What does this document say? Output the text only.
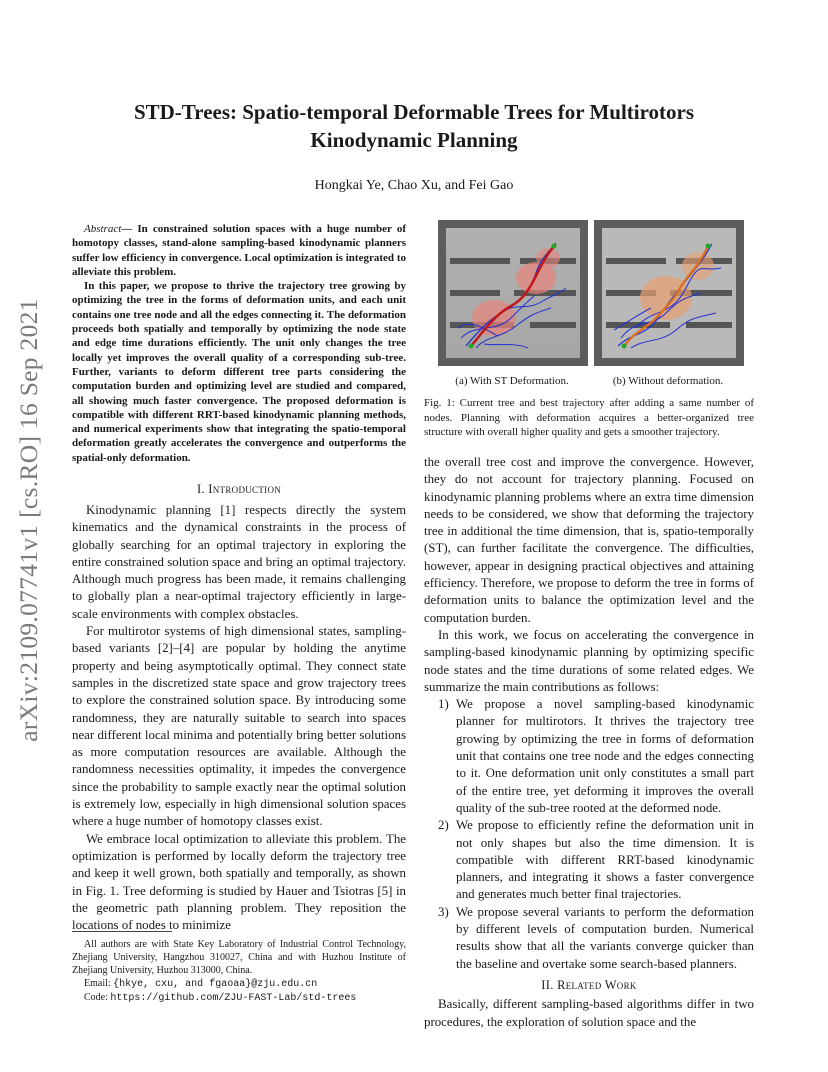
arXiv:2109.07741v1 [cs.RO] 16 Sep 2021
STD-Trees: Spatio-temporal Deformable Trees for Multirotors
Kinodynamic Planning
Hongkai Ye, Chao Xu, and Fei Gao

Abstract— In constrained solution spaces with a huge number of homotopy classes, stand-alone sampling-based kinodynamic planners suffer low efficiency in convergence. Local optimization is integrated to alleviate this problem.

In this paper, we propose to thrive the trajectory tree growing by optimizing the tree in the forms of deformation units, and each unit contains one tree node and all the edges connecting it. The deformation proceeds both spatially and temporally by optimizing the node state and edge time durations efficiently. The unit only changes the tree locally yet improves the overall quality of a corresponding sub-tree. Further, variants to deform different tree parts considering the computation burden and optimizing level are studied and compared, all showing much faster convergence. The proposed deformation is compatible with different RRT-based kinodynamic planning methods, and numerical experiments show that integrating the spatio-temporal deformation greatly accelerates the convergence and outperforms the spatial-only deformation.

I. Introduction

Kinodynamic planning [1] respects directly the system kinematics and the dynamical constraints in the process of globally searching for an optimal trajectory in exploring the entire constrained solution space and bring an optimal trajectory. Although much progress has been made, it remains challenging to globally plan a near-optimal trajectory efficiently in large-scale environments with complex obstacles.

For multirotor systems of high dimensional states, sampling-based variants [2]–[4] are popular by holding the anytime property and being asymptotically optimal. They connect state samples in the discretized state space and grow trajectory trees to explore the constrained solution space. By introducing some randomness, they are naturally suitable to search into spaces near different local minima and potentially bring better solutions as more computation resources are available. Although the randomness necessities optimality, it impedes the convergence since the probability to sample exactly near the optimal solution is extremely low, especially in high dimensional solution spaces where a huge number of homotopy classes exist.

We embrace local optimization to alleviate this problem. The optimization is performed by locally deform the trajectory tree and keep it well grown, both spatially and temporally, as shown in Fig. 1. Tree deforming is studied by Hauer and Tsiotras [5] in the geometric path planning problem. They reposition the locations of nodes to minimize

All authors are with State Key Laboratory of Industrial Control Technology, Zhejiang University, Hangzhou 310027, China and with Huzhou Institute of Zhejiang University, Huzhou 313000, China.
Email: {hkye, cxu, and fgaoaa}@zju.edu.cn
Code: https://github.com/ZJU-FAST-Lab/std-trees
(a) With ST Deformation.	(b) Without deformation.
Fig. 1: Current tree and best trajectory after adding a same number of nodes. Planning with deformation acquires a better-organized tree structure with overall higher quality and gets a smoother trajectory.

the overall tree cost and improve the convergence. However, they do not account for trajectory planning. Focused on kinodynamic planning problems where an extra time dimension needs to be considered, we show that deforming the trajectory tree in additional the time dimension, that is, spatio-temporally (ST), can further facilitate the convergence. The difficulties, however, appear in designing practical objectives and attaining efficiency. Therefore, we propose to deform the tree in forms of deformation units to balance the optimization level and the computation burden.

In this work, we focus on accelerating the convergence in sampling-based kinodynamic planning by optimizing specific node states and the time durations of some related edges. We summarize the main contributions as follows:

1) We propose a novel sampling-based kinodynamic planner for multirotors. It thrives the trajectory tree growing by optimizing the tree in forms of deformation unit that contains one tree node and the edges connecting to it. One deformation unit only constitutes a small part of the entire tree, yet deforming it improves the overall quality of the sub-tree rooted at the deformed node.
2) We propose to efficiently refine the deformation unit in not only shapes but also the time dimension. It is compatible with different RRT-based kinodynamic planners, and integrating it shows a faster convergence and generates much better final trajectories.
3) We propose several variants to perform the deformation by different levels of computation burden. Numerical results show that all the variants converge quicker than the baseline and overtake some search-based planners.
II. Related Work

Basically, different sampling-based algorithms differ in two procedures, the exploration of solution space and the
